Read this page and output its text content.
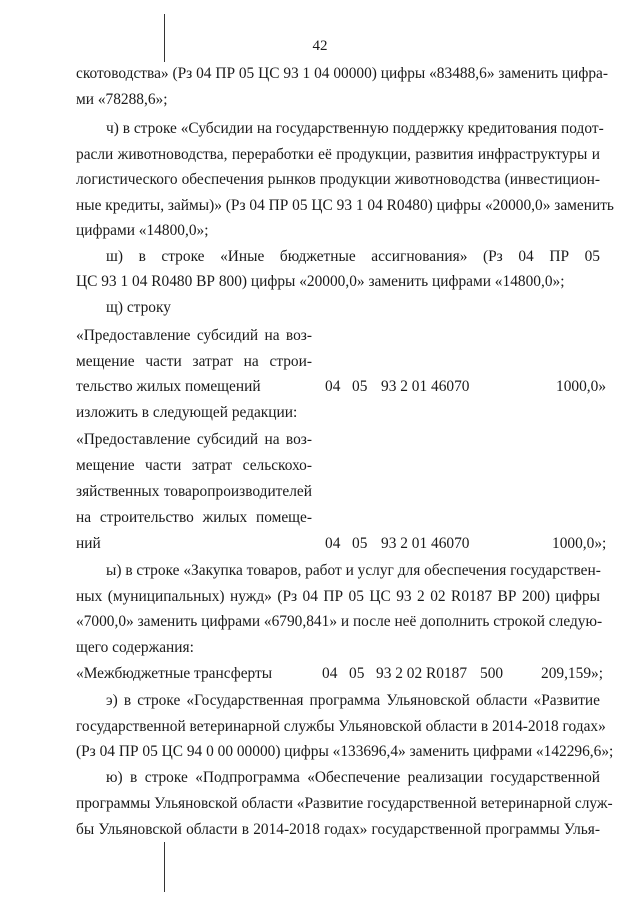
42
скотоводства» (Рз 04 ПР 05 ЦС 93 1 04 00000) цифры «83488,6» заменить цифра-
ми «78288,6»;
ч) в строке «Субсидии на государственную поддержку кредитования подот-
расли животноводства, переработки её продукции, развития инфраструктуры и
логистического обеспечения рынков продукции животноводства (инвестицион-
ные кредиты, займы)» (Рз 04 ПР 05 ЦС 93 1 04 R0480) цифры «20000,0» заменить
цифрами «14800,0»;
ш) в строке «Иные бюджетные ассигнования» (Рз 04 ПР 05
ЦС 93 1 04 R0480 ВР 800) цифры «20000,0» заменить цифрами «14800,0»;
щ) строку
«Предоставление субсидий на воз-
мещение части затрат на строи-
тельство жилых помещений	04 05 93 2 01 46070	1000,0»
изложить в следующей редакции:
«Предоставление субсидий на воз-
мещение части затрат сельскохо-
зяйственных товаропроизводителей
на строительство жилых помеще-
ний	04 05 93 2 01 46070	1000,0»;
ы) в строке «Закупка товаров, работ и услуг для обеспечения государствен-
ных (муниципальных) нужд» (Рз 04 ПР 05 ЦС 93 2 02 R0187 ВР 200) цифры
«7000,0» заменить цифрами «6790,841» и после неё дополнить строкой следую-
щего содержания:
«Межбюджетные трансферты	04 05 93 2 02 R0187 500 209,159»;
э) в строке «Государственная программа Ульяновской области «Развитие
государственной ветеринарной службы Ульяновской области в 2014-2018 годах»
(Рз 04 ПР 05 ЦС 94 0 00 00000) цифры «133696,4» заменить цифрами «142296,6»;
ю) в строке «Подпрограмма «Обеспечение реализации государственной
программы Ульяновской области «Развитие государственной ветеринарной служ-
бы Ульяновской области в 2014-2018 годах» государственной программы Улья-
